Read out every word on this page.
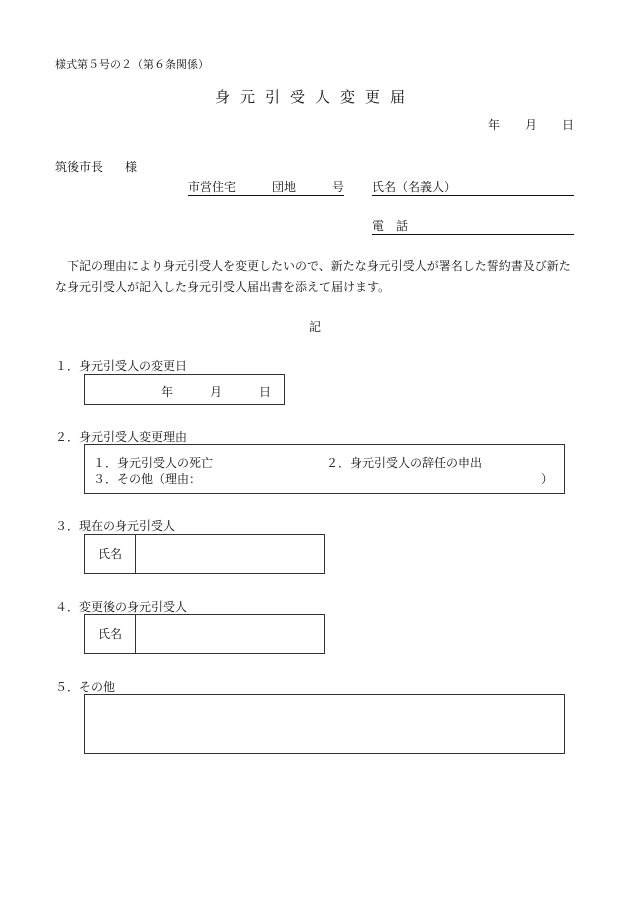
様式第５号の２（第６条関係）
身元引受人変更届
年 月 日
筑後市長 様
市営住宅	団地	号 氏名（名義人）
電　話
下記の理由により身元引受人を変更したいので、新たな身元引受人が署名した誓約書及び新たな身元引受人が記入した身元引受人届出書を添えて届けます。
記
１．身元引受人の変更日
年	月	日
２．身元引受人変更理由
１．身元引受人の死亡	２．身元引受人の辞任の申出
３．その他（理由：	）
３．現在の身元引受人
氏名
４．変更後の身元引受人
氏名
５．その他
